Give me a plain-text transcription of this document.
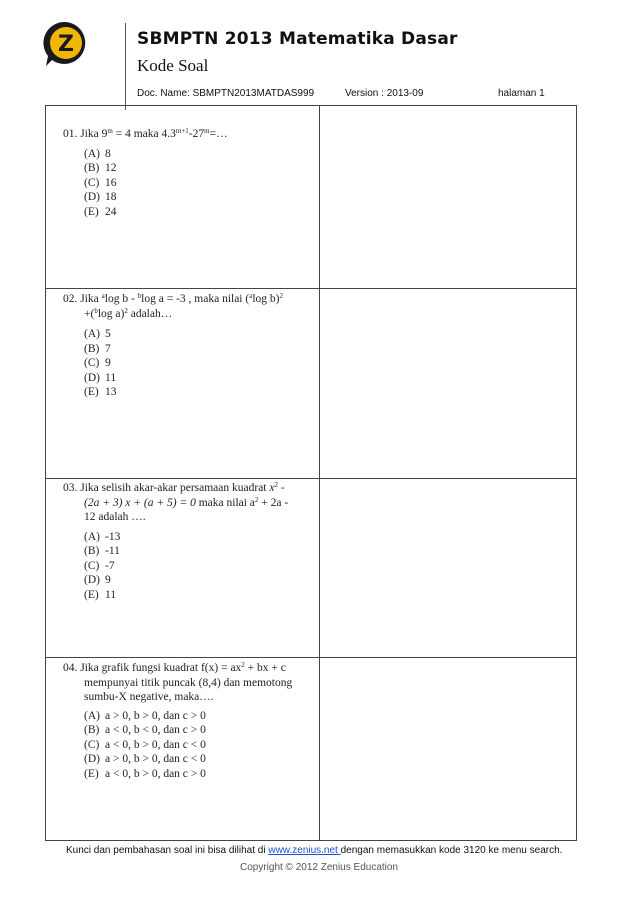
Z	SBMPTN 2013 Matematika Dasar
Kode Soal
Doc. Name: SBMPTN2013MATDAS999	Version : 2013-09	halaman 1
01. Jika $9^m = 4$ maka $4.3^{m+1}-27^m=\dots$
(A) 8
(B) 12
(C) 16
(D) 18
(E) 24
02. Jika $^a$log b - $^b$log a = -3 , maka nilai ($^a$log b)$^2$
+($^b$log a)$^2$ adalah…
(A) 5
(B) 7
(C) 9
(D) 11
(E) 13
03. Jika selisih akar-akar persamaan kuadrat $x^2$ -
(2a + 3) x + (a + 5) = 0 maka nilai $a^2 + 2a$ -
12 adalah ….
(A) -13
(B) -11
(C) -7
(D) 9
(E) 11
04. Jika grafik fungsi kuadrat $f(x) = ax^2$ + bx + c
mempunyai titik puncak (8,4) dan memotong
sumbu-X negative, maka….
(A) a > 0, b > 0, dan c > 0
(B) a < 0, b < 0, dan c > 0
(C) a < 0, b > 0, dan c < 0
(D) a > 0, b > 0, dan c < 0
(E) a < 0, b > 0, dan c > 0
Kunci dan pembahasan soal ini bisa dilihat di www.zenius.net dengan memasukkan kode 3120 ke menu search.
Copyright © 2012 Zenius Education
